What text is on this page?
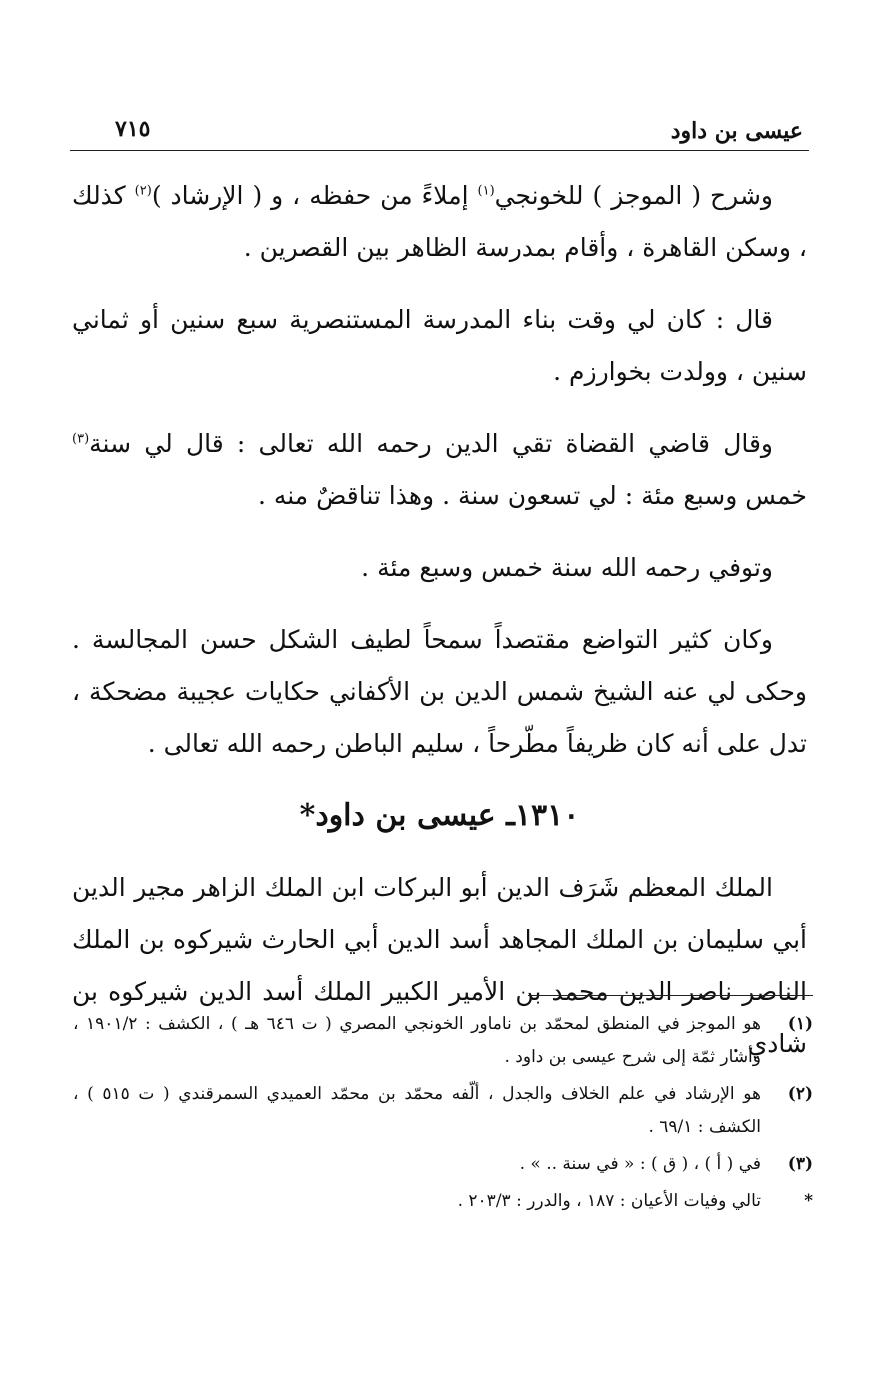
عيسى بن داود
٧١٥

وشرح ( الموجز ) للخونجي$^{(١)}$ إملاءً من حفظه ، و ( الإرشاد )$^{(٢)}$ كذلك ، وسكن القاهرة ، وأقام بمدرسة الظاهر بين القصرين .

قال : كان لي وقت بناء المدرسة المستنصرية سبع سنين أو ثماني سنين ، وولدت بخوارزم .

وقال قاضي القضاة تقي الدين رحمه الله تعالى : قال لي سنة$^{(٣)}$ خمس وسبع مئة : لي تسعون سنة . وهذا تناقضٌ منه .

وتوفي رحمه الله سنة خمس وسبع مئة .

وكان كثير التواضع مقتصداً سمحاً لطيف الشكل حسن المجالسة . وحكى لي عنه الشيخ شمس الدين بن الأكفاني حكايات عجيبة مضحكة ، تدل على أنه كان ظريفاً مطّرحاً ، سليم الباطن رحمه الله تعالى .

١٣١٠ـ عيسى بن داود*

الملك المعظم شَرَف الدين أبو البركات ابن الملك الزاهر مجير الدين أبي سليمان بن الملك المجاهد أسد الدين أبي الحارث شيركوه بن الملك الناصر ناصر الدين محمد بن الأمير الكبير الملك أسد الدين شيركوه بن شادي .

(١)
هو الموجز في المنطق لمحمّد بن ناماور الخونجي المصري ( ت ٦٤٦ هـ ) ، الكشف : ١٩٠١/٢ ، وأشار ثمّة إلى شرح عيسى بن داود .
(٢)
هو الإرشاد في علم الخلاف والجدل ، ألّفه محمّد بن محمّد العميدي السمرقندي ( ت ٥١٥ ) ، الكشف : ٦٩/١ .
(٣)
في ( أ ) ، ( ق ) : « في سنة .. » .
*
تالي وفيات الأعيان : ١٨٧ ، والدرر : ٢٠٣/٣ .
